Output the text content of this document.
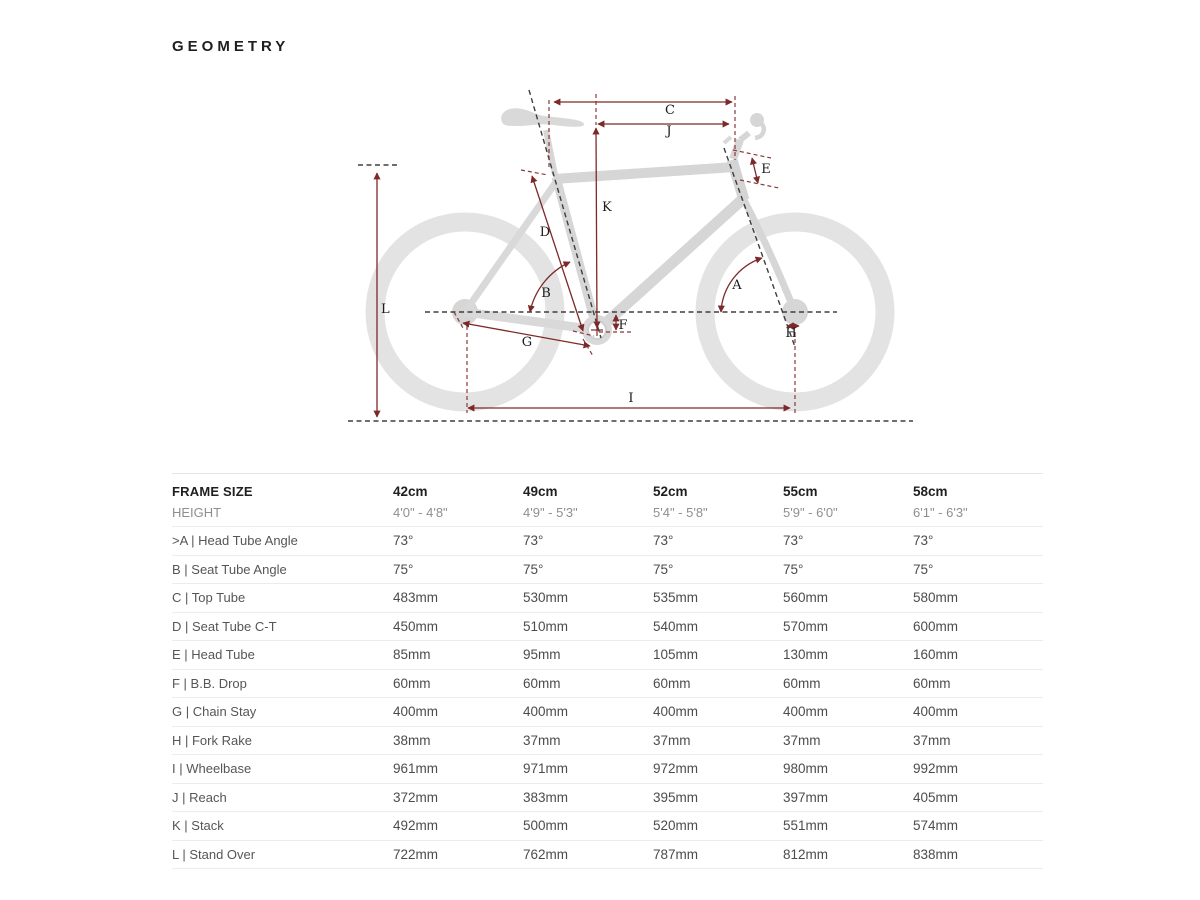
GEOMETRY
C
J
K
D
B
A
E
F
G
H
I
L
FRAME SIZE	42cm	49cm	52cm	55cm	58cm
HEIGHT	4'0" - 4'8"	4'9" - 5'3"	5'4" - 5'8"	5'9" - 6'0"	6'1" - 6'3"
>A | Head Tube Angle	73°	73°	73°	73°	73°
B | Seat Tube Angle	75°	75°	75°	75°	75°
C | Top Tube	483mm	530mm	535mm	560mm	580mm
D | Seat Tube C-T	450mm	510mm	540mm	570mm	600mm
E | Head Tube	85mm	95mm	105mm	130mm	160mm
F | B.B. Drop	60mm	60mm	60mm	60mm	60mm
G | Chain Stay	400mm	400mm	400mm	400mm	400mm
H | Fork Rake	38mm	37mm	37mm	37mm	37mm
I | Wheelbase	961mm	971mm	972mm	980mm	992mm
J | Reach	372mm	383mm	395mm	397mm	405mm
K | Stack	492mm	500mm	520mm	551mm	574mm
L | Stand Over	722mm	762mm	787mm	812mm	838mm
